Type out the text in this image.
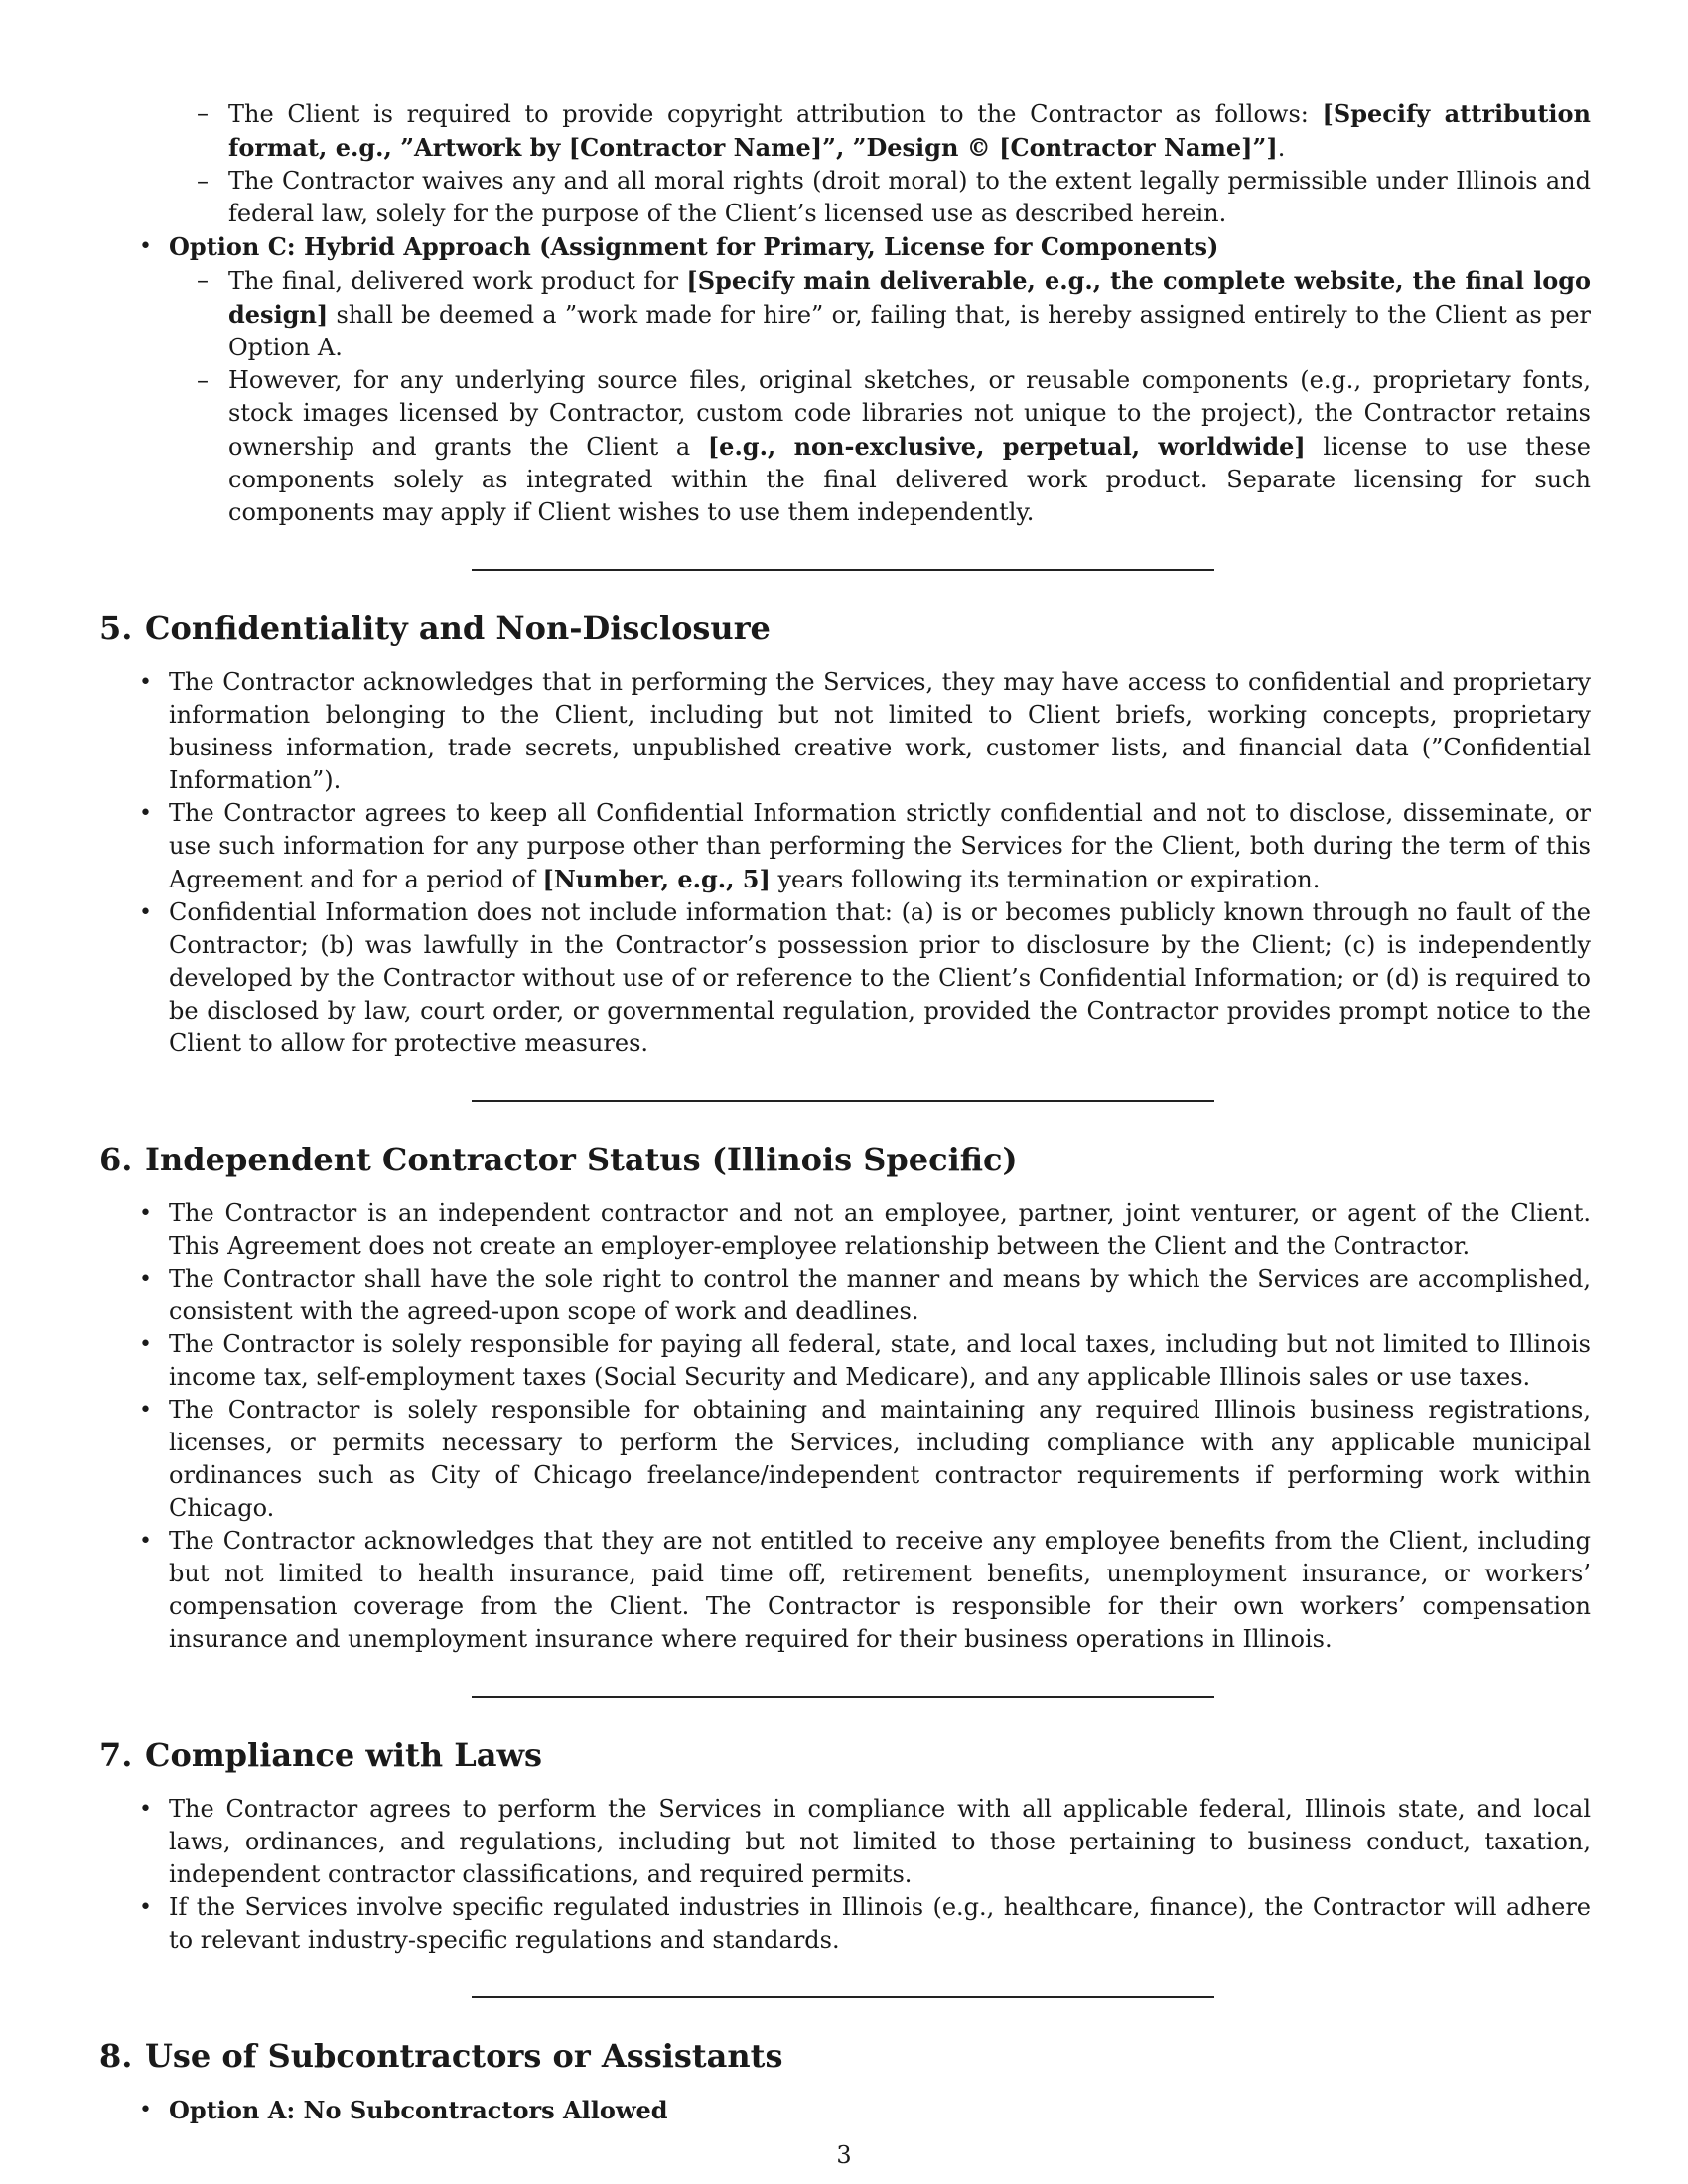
– The Client is required to provide copyright attribution to the Contractor as follows: [Specify attribution format, e.g., ”Artwork by [Contractor Name]”, ”Design © [Contractor Name]”].
– The Contractor waives any and all moral rights (droit moral) to the extent legally permissible under Illinois and federal law, solely for the purpose of the Client’s licensed use as described herein.
• Option C: Hybrid Approach (Assignment for Primary, License for Components)
– The final, delivered work product for [Specify main deliverable, e.g., the complete website, the final logo design] shall be deemed a ”work made for hire” or, failing that, is hereby assigned entirely to the Client as per Option A.
– However, for any underlying source files, original sketches, or reusable components (e.g., proprietary fonts, stock images licensed by Contractor, custom code libraries not unique to the project), the Contractor retains ownership and grants the Client a [e.g., non-exclusive, perpetual, worldwide] license to use these components solely as integrated within the final delivered work product. Separate licensing for such components may apply if Client wishes to use them independently.
5. Confidentiality and Non-Disclosure
• The Contractor acknowledges that in performing the Services, they may have access to confidential and proprietary information belonging to the Client, including but not limited to Client briefs, working concepts, proprietary business information, trade secrets, unpublished creative work, customer lists, and financial data (”Confidential Information”).
• The Contractor agrees to keep all Confidential Information strictly confidential and not to disclose, disseminate, or use such information for any purpose other than performing the Services for the Client, both during the term of this Agreement and for a period of [Number, e.g., 5] years following its termination or expiration.
• Confidential Information does not include information that: (a) is or becomes publicly known through no fault of the Contractor; (b) was lawfully in the Contractor’s possession prior to disclosure by the Client; (c) is independently developed by the Contractor without use of or reference to the Client’s Confidential Information; or (d) is required to be disclosed by law, court order, or governmental regulation, provided the Contractor provides prompt notice to the Client to allow for protective measures.
6. Independent Contractor Status (Illinois Specific)
• The Contractor is an independent contractor and not an employee, partner, joint venturer, or agent of the Client. This Agreement does not create an employer-employee relationship between the Client and the Contractor.
• The Contractor shall have the sole right to control the manner and means by which the Services are accomplished, consistent with the agreed-upon scope of work and deadlines.
• The Contractor is solely responsible for paying all federal, state, and local taxes, including but not limited to Illinois income tax, self-employment taxes (Social Security and Medicare), and any applicable Illinois sales or use taxes.
• The Contractor is solely responsible for obtaining and maintaining any required Illinois business registrations, licenses, or permits necessary to perform the Services, including compliance with any applicable municipal ordinances such as City of Chicago freelance/independent contractor requirements if performing work within Chicago.
• The Contractor acknowledges that they are not entitled to receive any employee benefits from the Client, including but not limited to health insurance, paid time off, retirement benefits, unemployment insurance, or workers’ compensation coverage from the Client. The Contractor is responsible for their own workers’ compensation insurance and unemployment insurance where required for their business operations in Illinois.
7. Compliance with Laws
• The Contractor agrees to perform the Services in compliance with all applicable federal, Illinois state, and local laws, ordinances, and regulations, including but not limited to those pertaining to business conduct, taxation, independent contractor classifications, and required permits.
• If the Services involve specific regulated industries in Illinois (e.g., healthcare, finance), the Contractor will adhere to relevant industry-specific regulations and standards.
8. Use of Subcontractors or Assistants
• Option A: No Subcontractors Allowed
3
